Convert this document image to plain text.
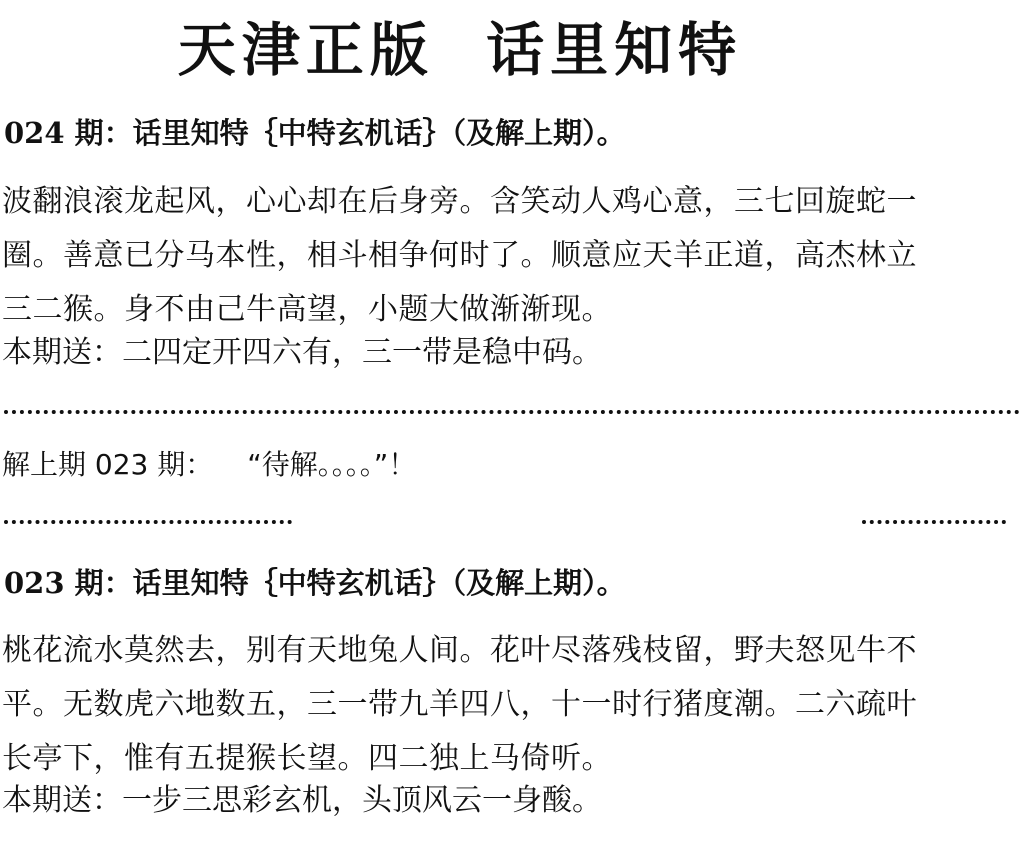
天津正版  话里知特
024 期：话里知特｛中特玄机话｝（及解上期）。
波翻浪滚龙起风，心心却在后身旁。含笑动人鸡心意，三七回旋蛇一
圈。善意已分马本性，相斗相争何时了。顺意应天羊正道，高杰林立
三二猴。身不由己牛高望，小题大做渐渐现。
本期送：二四定开四六有，三一带是稳中码。
解上期 023 期： “待解。。。。”！
023 期：话里知特｛中特玄机话｝（及解上期）。
桃花流水莫然去，别有天地兔人间。花叶尽落残枝留，野夫怒见牛不
平。无数虎六地数五，三一带九羊四八，十一时行猪度潮。二六疏叶
长亭下，惟有五提猴长望。四二独上马倚听。
本期送：一步三思彩玄机，头顶风云一身酸。
